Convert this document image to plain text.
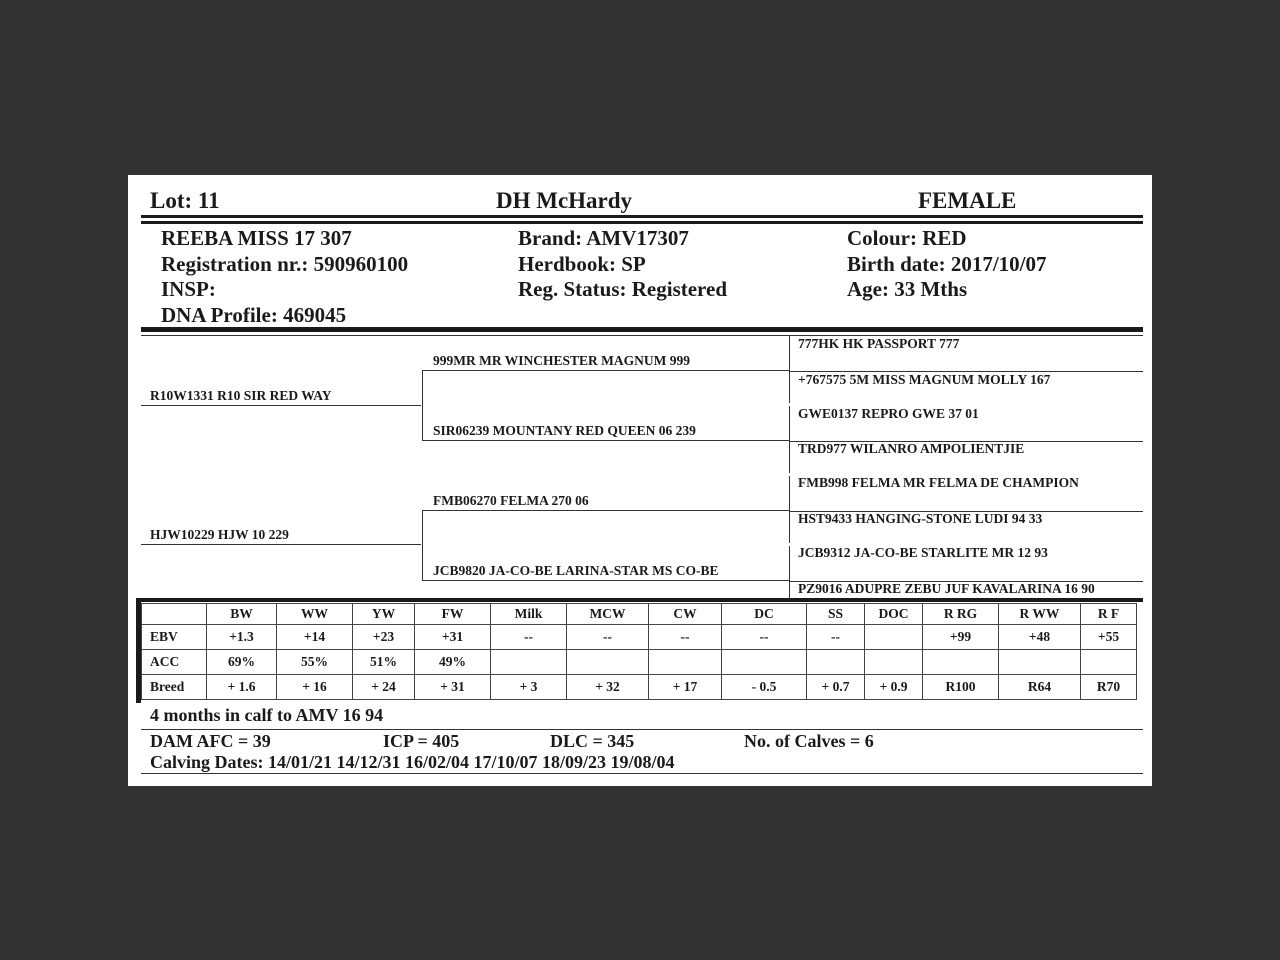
Lot: 11	DH McHardy	FEMALE
REEBA MISS 17 307
Registration nr.: 590960100
INSP:
DNA Profile: 469045
Brand: AMV17307
Herdbook: SP
Reg. Status: Registered
Colour: RED
Birth date: 2017/10/07
Age: 33 Mths
R10W1331 R10 SIR RED WAY
HJW10229 HJW 10 229
999MR MR WINCHESTER MAGNUM 999
SIR06239 MOUNTANY RED QUEEN 06 239
FMB06270 FELMA 270 06
JCB9820 JA-CO-BE LARINA-STAR MS CO-BE
777HK HK PASSPORT 777
+767575 5M MISS MAGNUM MOLLY 167
GWE0137 REPRO GWE 37 01
TRD977 WILANRO AMPOLIENTJIE
FMB998 FELMA MR FELMA DE CHAMPION
HST9433 HANGING-STONE LUDI 94 33
JCB9312 JA-CO-BE STARLITE MR 12 93
PZ9016 ADUPRE ZEBU JUF KAVALARINA 16 90
	BW	WW	YW	FW	Milk	MCW	CW	DC	SS	DOC	R RG	R WW	R F
EBV	+1.3	+14	+23	+31	--	--	--	--	--		+99	+48	+55
ACC	69%	55%	51%	49%									
Breed	+ 1.6	+ 16	+ 24	+ 31	+ 3	+ 32	+ 17	- 0.5	+ 0.7	+ 0.9	R100	R64	R70
4 months in calf to AMV 16 94
DAM AFC = 39	ICP = 405	DLC = 345	No. of Calves = 6
Calving Dates: 14/01/21 14/12/31 16/02/04 17/10/07 18/09/23 19/08/04
